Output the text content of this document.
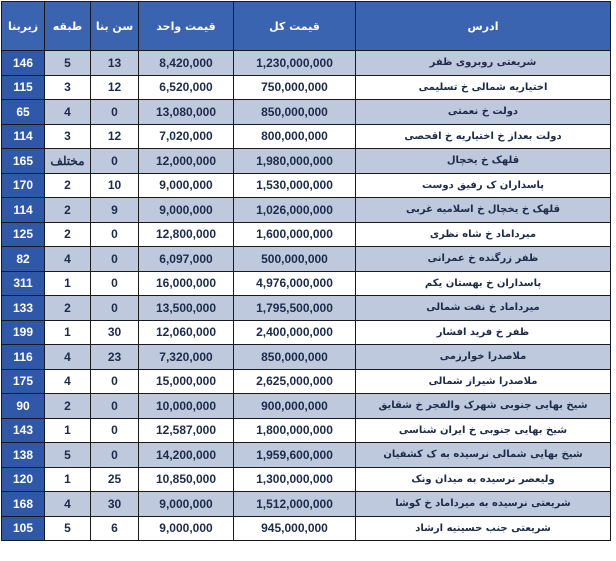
زیربنا	طبقه	سن بنا	قیمت واحد	قیمت کل	ادرس
146	5	13	8,420,000	1,230,000,000	شریعتی روبروی ظفر
115	3	12	6,520,000	750,000,000	اختیاریه شمالی خ تسلیمی
65	4	0	13,080,000	850,000,000	دولت خ نعمتی
114	3	12	7,020,000	800,000,000	دولت بعداز خ اختیاریه خ اقحصی
165	مختلف	0	12,000,000	1,980,000,000	قلهک خ یخچال
170	2	10	9,000,000	1,530,000,000	پاسداران ک رفیق دوست
114	2	9	9,000,000	1,026,000,000	قلهک خ یخچال خ اسلامیه غربی
125	2	0	12,800,000	1,600,000,000	میرداماد خ شاه نظری
82	4	0	6,097,000	500,000,000	ظفر زرگنده خ عمرانی
311	1	0	16,000,000	4,976,000,000	پاسداران خ بهستان یکم
133	2	0	13,500,000	1,795,500,000	میرداماد خ نفت شمالی
199	1	30	12,060,000	2,400,000,000	ظفر خ فرید افشار
116	4	23	7,320,000	850,000,000	ملاصدرا خوارزمی
175	4	0	15,000,000	2,625,000,000	ملاصدرا شیراز شمالی
90	2	0	10,000,000	900,000,000	شیخ بهایی جنوبی شهرک والفجر خ شقایق
143	1	0	12,587,000	1,800,000,000	شیخ بهایی جنوبی خ ایران شناسی
138	5	0	14,200,000	1,959,600,000	شیخ بهایی شمالی نرسیده به ک کشفیان
120	1	25	10,850,000	1,300,000,000	ولیعصر نرسیده به میدان ونک
168	4	30	9,000,000	1,512,000,000	شریعتی نرسیده به میرداماد خ کوشا
105	5	6	9,000,000	945,000,000	شریعتی جنب حسینیه ارشاد
